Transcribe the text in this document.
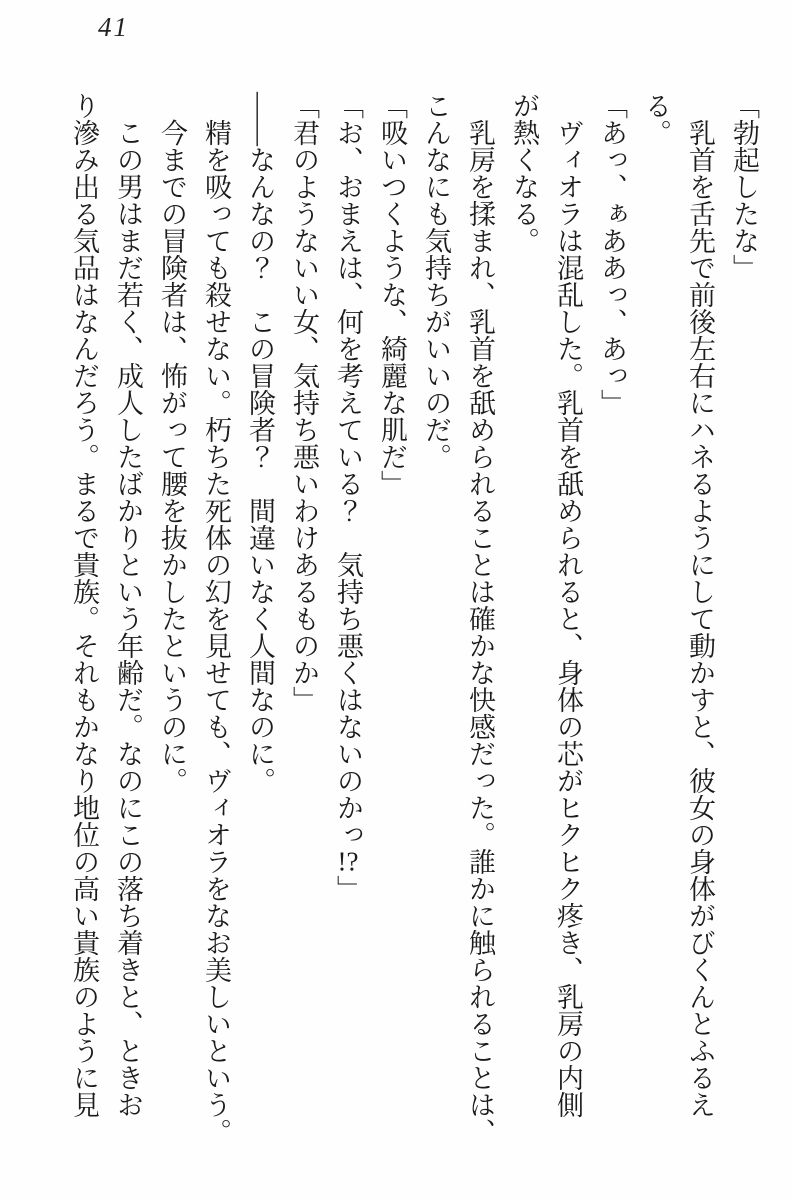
41

「勃起したな」

　乳首を舌先で前後左右にハネるようにして動かすと、彼女の身体がびくんとふるえ

る。

「あっ、ぁああっ、あっ」

　ヴィオラは混乱した。乳首を舐められると、身体の芯がヒクヒク疼き、乳房の内側

が熱くなる。

　乳房を揉まれ、乳首を舐められることは確かな快感だった。誰かに触られることは、

こんなにも気持ちがいいのだ。

「吸いつくような、綺麗な肌だ」

「お、おまえは、何を考えている？　気持ち悪くはないのかっ!?」

「君のようないい女、気持ち悪いわけあるものか」

——なんなの？　この冒険者？　間違いなく人間なのに。

　精を吸っても殺せない。朽ちた死体の幻を見せても、ヴィオラをなお美しいという。

　今までの冒険者は、怖がって腰を抜かしたというのに。

　この男はまだ若く、成人したばかりという年齢だ。なのにこの落ち着きと、ときお

り滲み出る気品はなんだろう。まるで貴族。それもかなり地位の高い貴族のように見
